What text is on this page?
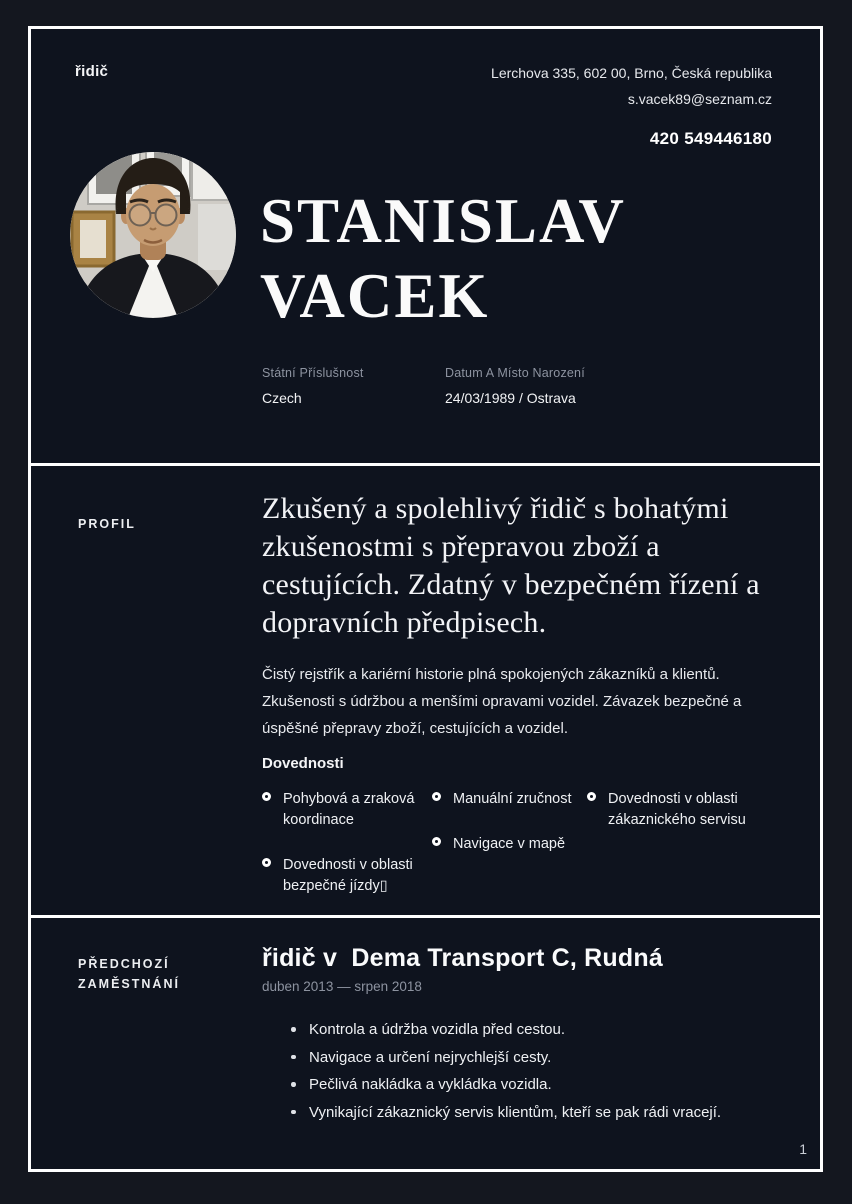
řidič	Lerchova 335, 602 00, Brno, Česká republika
s.vacek89@seznam.cz
420 549446180
STANISLAV
VACEK
Státní Příslušnost
Czech
Datum A Místo Narození
24/03/1989 / Ostrava
PROFIL	Zkušený a spolehlivý řidič s bohatými zkušenostmi s přepravou zboží a cestujících. Zdatný v bezpečném řízení a dopravních předpisech.
Čistý rejstřík a kariérní historie plná spokojených zákazníků a klientů. Zkušenosti s údržbou a menšími opravami vozidel. Závazek bezpečné a úspěšné přepravy zboží, cestujících a vozidel.
Dovednosti
Pohybová a zraková koordinace
Dovednosti v oblasti bezpečné jízdy▯
Manuální zručnost
Navigace v mapě
Dovednosti v oblasti zákaznického servisu
PŘEDCHOZÍ
ZAMĚSTNÁNÍ
řidič v  Dema Transport C, Rudná
duben 2013 — srpen 2018
Kontrola a údržba vozidla před cestou.
Navigace a určení nejrychlejší cesty.
Pečlivá nakládka a vykládka vozidla.
Vynikající zákaznický servis klientům, kteří se pak rádi vracejí.
1
